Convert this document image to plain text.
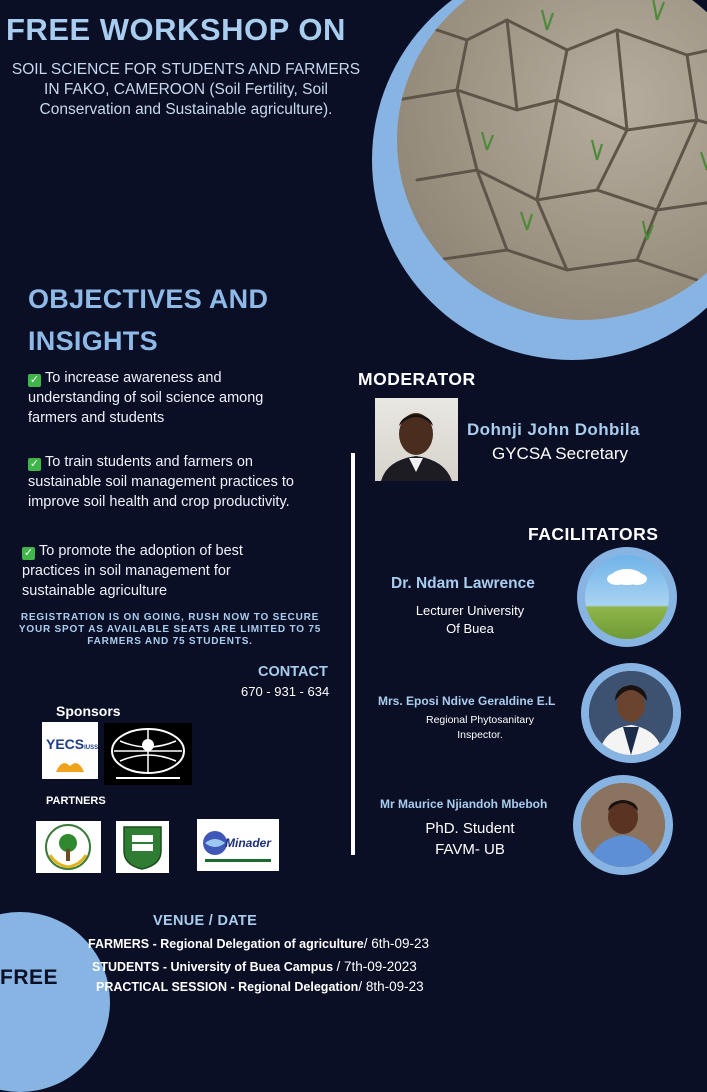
FREE WORKSHOP ON
SOIL SCIENCE FOR STUDENTS AND FARMERS IN FAKO, CAMEROON (Soil Fertility, Soil Conservation and Sustainable agriculture).
OBJECTIVES AND
INSIGHTS
✓ To increase awareness and understanding of soil science among farmers and students
✓ To train students and farmers on sustainable soil management practices to improve soil health and crop productivity.
✓ To promote the adoption of best practices in soil management for sustainable agriculture
REGISTRATION IS ON GOING, RUSH NOW TO SECURE YOUR SPOT AS AVAILABLE SEATS ARE LIMITED TO 75 FARMERS AND 75 STUDENTS.
CONTACT
670 - 931 - 634
Sponsors
YECSIUSS
PARTNERS
Minader
MODERATOR
Dohnji John Dohbila
GYCSA Secretary
FACILITATORS
Dr. Ndam Lawrence
Lecturer University
Of Buea
Mrs. Eposi Ndive Geraldine E.L
Regional Phytosanitary
Inspector.
Mr Maurice Njiandoh Mbeboh
PhD. Student
FAVM- UB
FREE
VENUE / DATE
FARMERS - Regional Delegation of agriculture/ 6th-09-23
STUDENTS - University of Buea Campus / 7th-09-2023
PRACTICAL SESSION - Regional Delegation/ 8th-09-23
